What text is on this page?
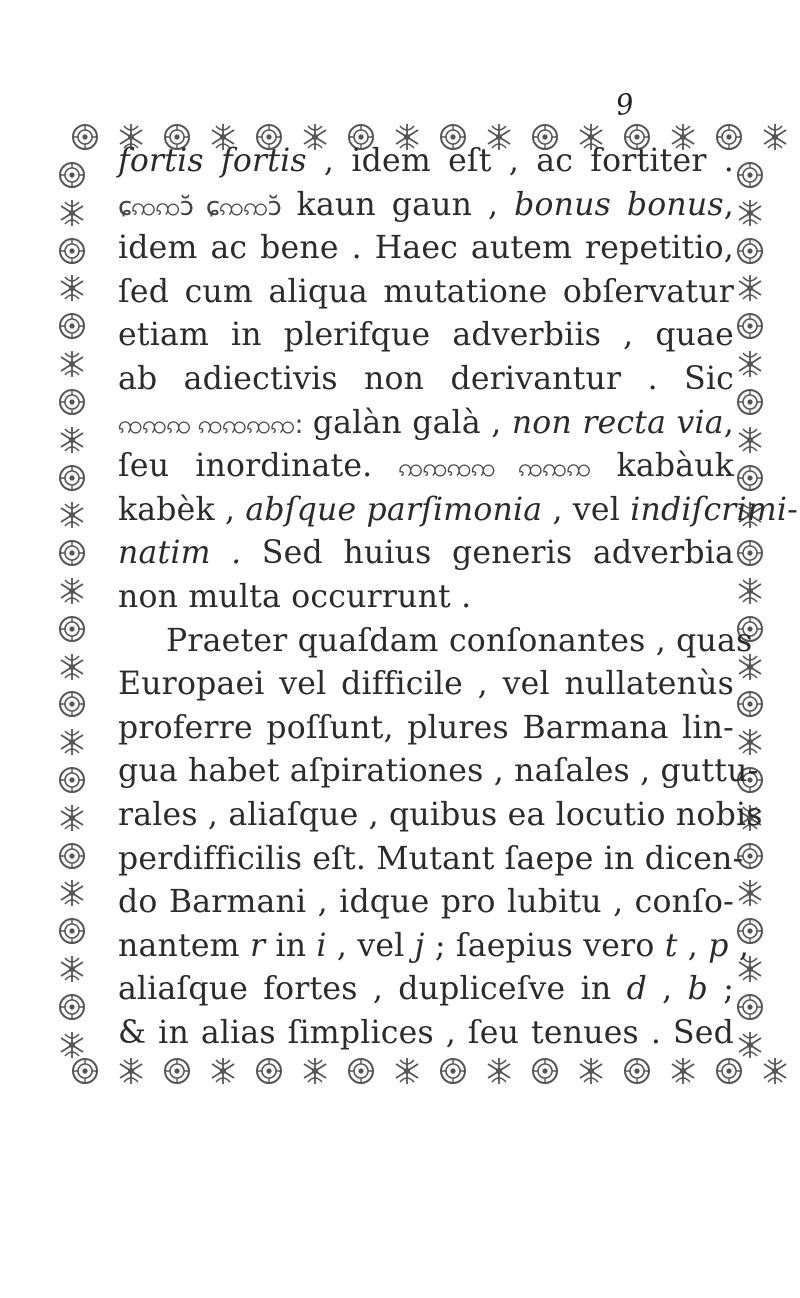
9
fortis fortis , idem eſt , ac fortiter .
ɕꩡꩡɔ̆ ɕꩡꩡɔ̆ kaun gaun , bonus bonus,
idem ac bene . Haec autem repetitio,
ſed cum aliqua mutatione obſervatur
etiam in plerifque adverbiis , quae
ab adiectivis non derivantur . Sic
ꩡꩡꩡ ꩡꩡꩡꩡ: galàn galà , non recta via,
ſeu inordinate. ꩡꩡꩡꩡ ꩡꩡꩡ kabàuk
kabèk , abſque parſimonia , vel indiſcrimi-
natim . Sed huius generis adverbia
non multa occurrunt .
Praeter quaſdam conſonantes , quas
Europaei vel difficile , vel nullatenùs
proferre poſſunt, plures Barmana lin-
gua habet aſpirationes , naſales , guttu-
rales , aliaſque , quibus ea locutio nobis
perdifficilis eſt. Mutant ſaepe in dicen-
do Barmani , idque pro lubitu , conſo-
nantem r in i , vel j ; ſaepius vero t , p ,
aliaſque fortes , dupliceſve in d , b ;
& in alias ſimplices , ſeu tenues . Sed
